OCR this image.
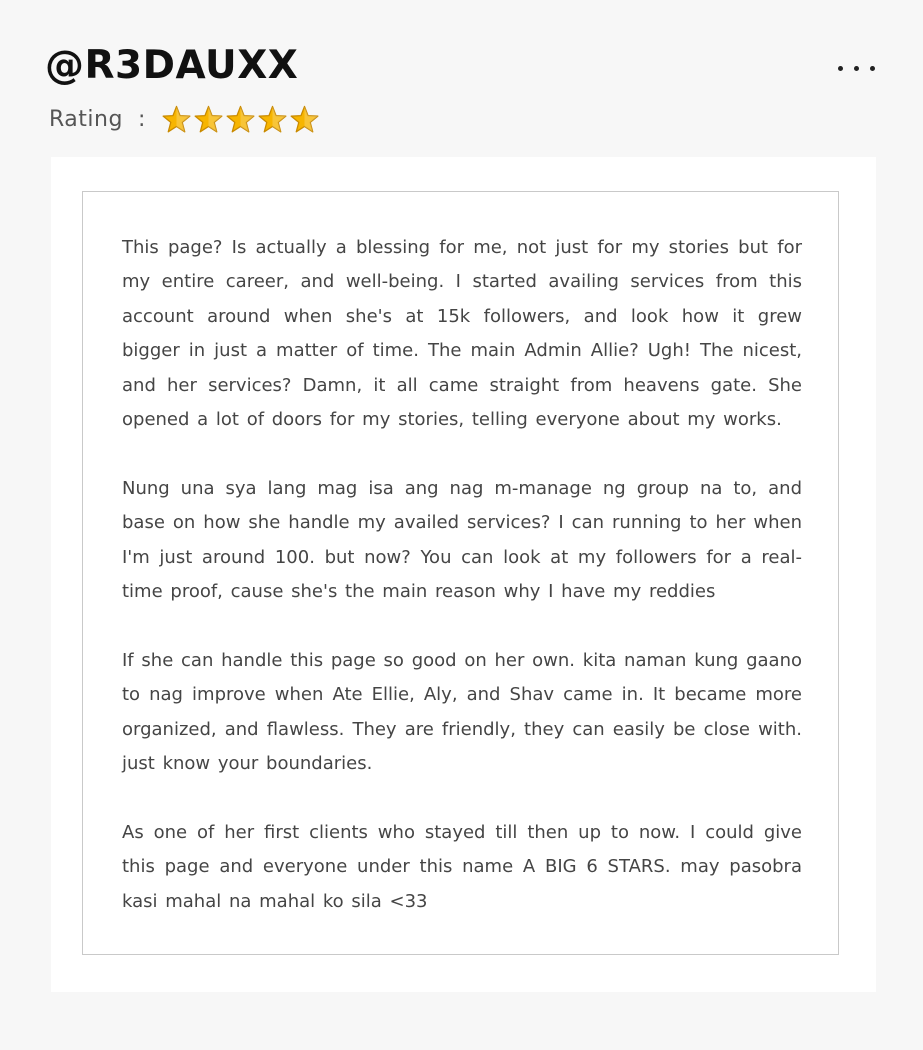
@R3DAUXX
Rating :

This page? Is actually a blessing for me, not just for my stories but for my entire career, and well-being. I started availing services from this account around when she's at 15k followers, and look how it grew bigger in just a matter of time. The main Admin Allie? Ugh! The nicest, and her services? Damn, it all came straight from heavens gate. She opened a lot of doors for my stories, telling everyone about my works.

Nung una sya lang mag isa ang nag m-manage ng group na to, and base on how she handle my availed services? I can running to her when I'm just around 100. but now? You can look at my followers for a real-time proof, cause she's the main reason why I have my reddies

If she can handle this page so good on her own. kita naman kung gaano to nag improve when Ate Ellie, Aly, and Shav came in. It became more organized, and flawless. They are friendly, they can easily be close with. just know your boundaries.

As one of her first clients who stayed till then up to now. I could give this page and everyone under this name A BIG 6 STARS. may pasobra kasi mahal na mahal ko sila <33
